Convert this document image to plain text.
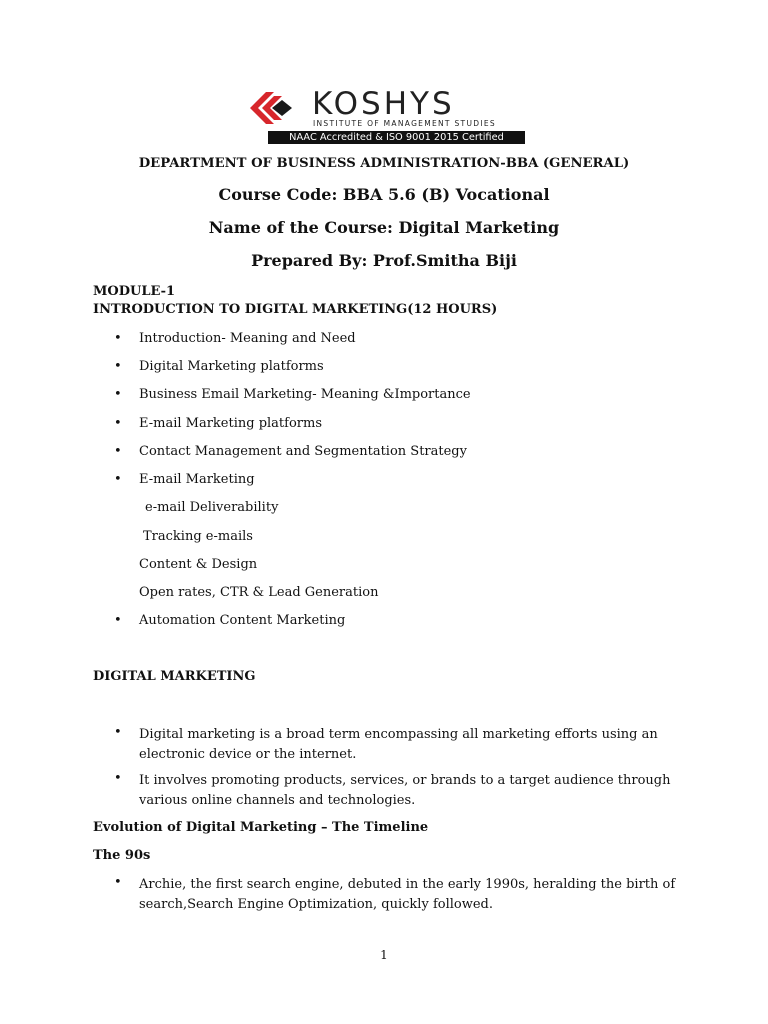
KOSHYS
INSTITUTE OF MANAGEMENT STUDIES
NAAC Accredited & ISO 9001 2015 Certified
DEPARTMENT OF BUSINESS ADMINISTRATION-BBA (GENERAL)
Course Code: BBA 5.6 (B) Vocational
Name of the Course: Digital Marketing
Prepared By: Prof.Smitha Biji
MODULE-1
INTRODUCTION TO DIGITAL MARKETING(12 HOURS)
• Introduction- Meaning and Need
• Digital Marketing platforms
• Business Email Marketing- Meaning &Importance
• E-mail Marketing platforms
• Contact Management and Segmentation Strategy
• E-mail Marketing
e-mail Deliverability
Tracking e-mails
Content & Design
Open rates, CTR & Lead Generation
• Automation Content Marketing
DIGITAL MARKETING
• Digital marketing is a broad term encompassing all marketing efforts using an electronic device or the internet.
• It involves promoting products, services, or brands to a target audience through various online channels and technologies.
Evolution of Digital Marketing – The Timeline
The 90s
• Archie, the first search engine, debuted in the early 1990s, heralding the birth of search,Search Engine Optimization, quickly followed.
1
